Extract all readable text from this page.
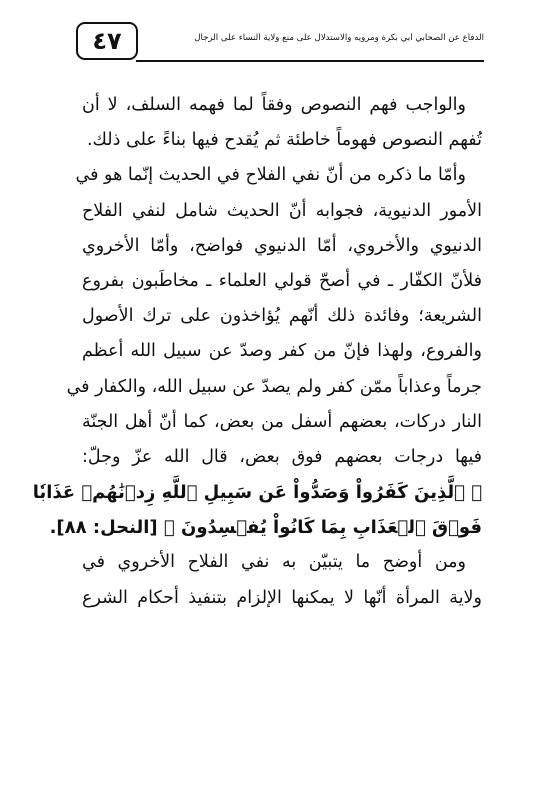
٤٧	الدفاع عن الصحابي أبي بكرة ومرويه والاستدلال على منع ولاية النساء على الرجال
والواجب فهم النصوص وفقاً لما فهمه السلف، لا أن
تُفهم النصوص فهوماً خاطئة ثم يُقدح فيها بناءً على ذلك.
وأمّا ما ذكره من أنّ نفي الفلاح في الحديث إنّما هو في
الأمور الدنيوية، فجوابه أنّ الحديث شامل لنفي الفلاح
الدنيوي والأخروي، أمّا الدنيوي فواضح، وأمّا الأخروي
فلأنّ الكفّار ـ في أصحّ قولي العلماء ـ مخاطَبون بفروع
الشريعة؛ وفائدة ذلك أنّهم يُؤاخذون على ترك الأصول
والفروع، ولهذا فإنّ من كفر وصدّ عن سبيل الله أعظم
جرماً وعذاباً ممّن كفر ولم يصدّ عن سبيل الله، والكفار في
النار دركات، بعضهم أسفل من بعض، كما أنّ أهل الجنّة
فيها درجات بعضهم فوق بعض، قال الله عزّ وجلّ:
﴿ ٱلَّذِينَ كَفَرُواْ وَصَدُّواْ عَن سَبِيلِ ٱللَّهِ زِدۡنَٰهُمۡ عَذَابٗا
فَوۡقَ ٱلۡعَذَابِ بِمَا كَانُواْ يُفۡسِدُونَ ﴾ [النحل: ٨٨].
ومن أوضح ما يتبيّن به نفي الفلاح الأخروي في
ولاية المرأة أنّها لا يمكنها الإلزام بتنفيذ أحكام الشرع
